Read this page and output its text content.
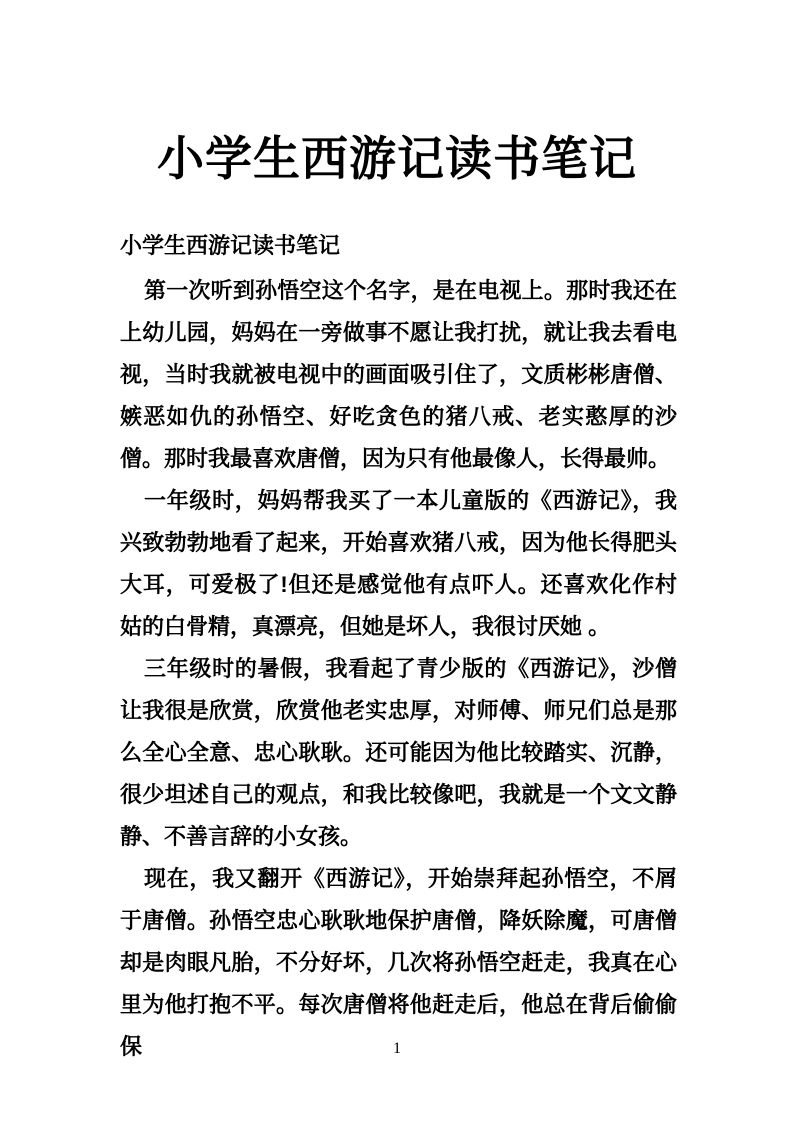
小学生西游记读书笔记

小学生西游记读书笔记

第一次听到孙悟空这个名字，是在电视上。那时我还在上幼儿园，妈妈在一旁做事不愿让我打扰，就让我去看电视，当时我就被电视中的画面吸引住了，文质彬彬唐僧、嫉恶如仇的孙悟空、好吃贪色的猪八戒、老实憨厚的沙僧。那时我最喜欢唐僧，因为只有他最像人，长得最帅。

一年级时，妈妈帮我买了一本儿童版的《西游记》，我兴致勃勃地看了起来，开始喜欢猪八戒，因为他长得肥头大耳，可爱极了!但还是感觉他有点吓人。还喜欢化作村姑的白骨精，真漂亮，但她是坏人，我很讨厌她 。

三年级时的暑假，我看起了青少版的《西游记》，沙僧让我很是欣赏，欣赏他老实忠厚，对师傅、师兄们总是那么全心全意、忠心耿耿。还可能因为他比较踏实、沉静，很少坦述自己的观点，和我比较像吧，我就是一个文文静静、不善言辞的小女孩。

现在，我又翻开《西游记》，开始崇拜起孙悟空，不屑于唐僧。孙悟空忠心耿耿地保护唐僧，降妖除魔，可唐僧却是肉眼凡胎，不分好坏，几次将孙悟空赶走，我真在心里为他打抱不平。每次唐僧将他赶走后，他总在背后偷偷保	1
